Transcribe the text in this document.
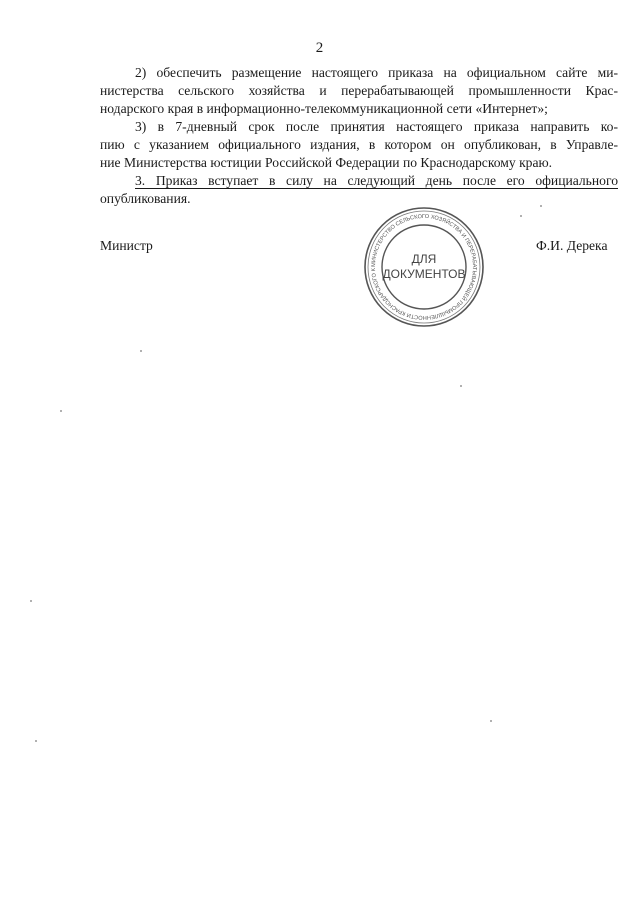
2
2) обеспечить размещение настоящего приказа на официальном сайте ми-
нистерства сельского хозяйства и перерабатывающей промышленности Крас-
нодарского края в информационно-телекоммуникационной сети «Интернет»;
3) в 7-дневный срок после принятия настоящего приказа направить ко-
пию с указанием официального издания, в котором он опубликован, в Управле-
ние Министерства юстиции Российской Федерации по Краснодарскому краю.
3. Приказ вступает в силу на следующий день после его официального
опубликования.
Министр	Ф.И. Дерека
МИНИСТЕРСТВО СЕЛЬСКОГО ХОЗЯЙСТВА И ПЕРЕРАБАТЫВАЮЩЕЙ ПРОМЫШЛЕННОСТИ КРАСНОДАРСКОГО К
ДЛЯ
ДОКУМЕНТОВ
